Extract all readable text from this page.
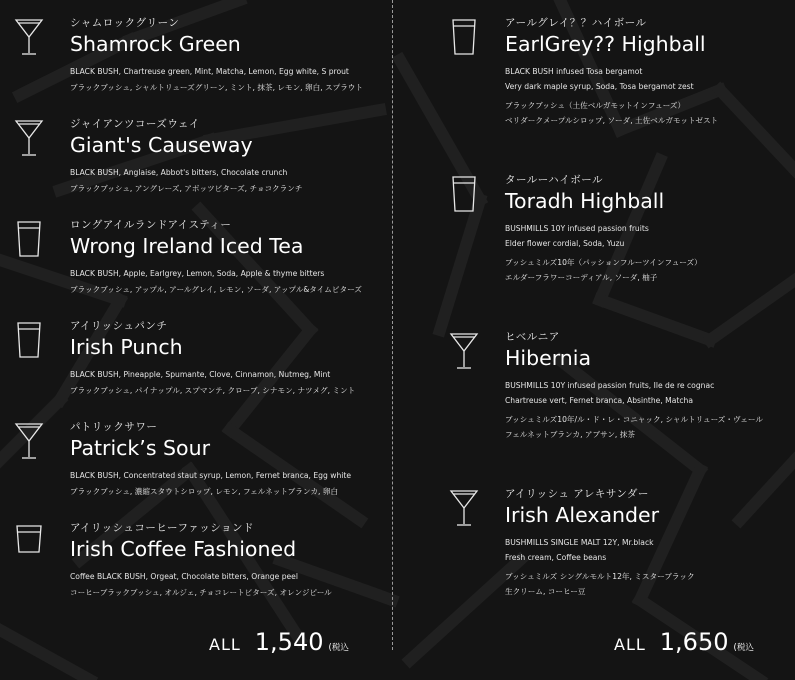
シャムロックグリーン
Shamrock Green
BLACK BUSH, Chartreuse green, Mint, Matcha, Lemon, Egg white, S prout
ブラックブッシュ, シャルトリューズグリーン, ミント, 抹茶, レモン, 卵白, スプラウト
ジャイアンツコーズウェイ
Giant's Causeway
BLACK BUSH, Anglaise, Abbot's bitters, Chocolate crunch
ブラックブッシュ, アングレーズ, アボッツビターズ, チョコクランチ
ロングアイルランドアイスティー
Wrong Ireland Iced Tea
BLACK BUSH, Apple, Earlgrey, Lemon, Soda, Apple & thyme bitters
ブラックブッシュ, アップル, アールグレイ, レモン, ソーダ, アップル&タイムビターズ
アイリッシュパンチ
Irish Punch
BLACK BUSH, Pineapple, Spumante, Clove, Cinnamon, Nutmeg, Mint
ブラックブッシュ, パイナップル, スプマンテ, クローブ, シナモン, ナツメグ, ミント
パトリックサワー
Patrick’s Sour
BLACK BUSH, Concentrated staut syrup, Lemon, Fernet branca, Egg white
ブラックブッシュ, 濃縮スタウトシロップ, レモン, フェルネットブランカ, 卵白
アイリッシュコーヒーファッションド
Irish Coffee Fashioned
Coffee BLACK BUSH, Orgeat, Chocolate bitters, Orange peel
コーヒーブラックブッシュ, オルジェ, チョコレートビターズ, オレンジピール
ALL 1,540 (税込
アールグレイ？？ハイボール
EarlGrey?? Highball
BLACK BUSH infused Tosa bergamot
Very dark maple syrup, Soda, Tosa bergamot zest
ブラックブッシュ（土佐ベルガモットインフューズ）
ベリダークメープルシロップ, ソーダ, 土佐ベルガモットゼスト
タールーハイボール
Toradh Highball
BUSHMILLS 10Y infused passion fruits
Elder flower cordial, Soda, Yuzu
ブッシュミルズ10年（パッションフルーツインフューズ）
エルダーフラワーコーディアル, ソーダ, 柚子
ヒベルニア
Hibernia
BUSHMILLS 10Y infused passion fruits, Ile de re cognac
Chartreuse vert, Fernet branca, Absinthe, Matcha
ブッシュミルズ10年/ル・ド・レ・コニャック, シャルトリューズ・ヴェール
フェルネットブランカ, アブサン, 抹茶
アイリッシュ アレキサンダー
Irish Alexander
BUSHMILLS SINGLE MALT 12Y, Mr.black
Fresh cream, Coffee beans
ブッシュミルズ シングルモルト12年, ミスターブラック
生クリーム, コーヒー豆
ALL 1,650 (税込
